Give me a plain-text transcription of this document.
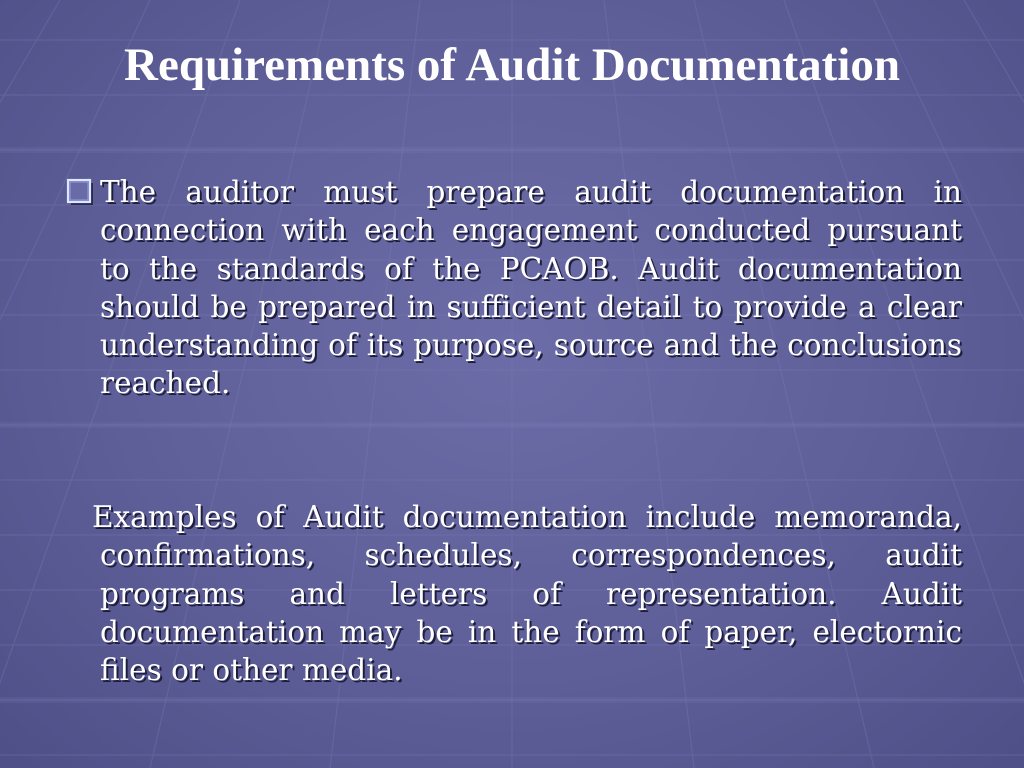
Requirements of Audit Documentation

The auditor must prepare audit documentation in connection with each engagement conducted pursuant to the standards of the PCAOB. Audit documentation should be prepared in sufficient detail to provide a clear understanding of its purpose, source and the conclusions reached.

Examples of Audit documentation include memoranda, confirmations, schedules, correspondences, audit programs and letters of representation. Audit documentation may be in the form of paper, electornic files or other media.
